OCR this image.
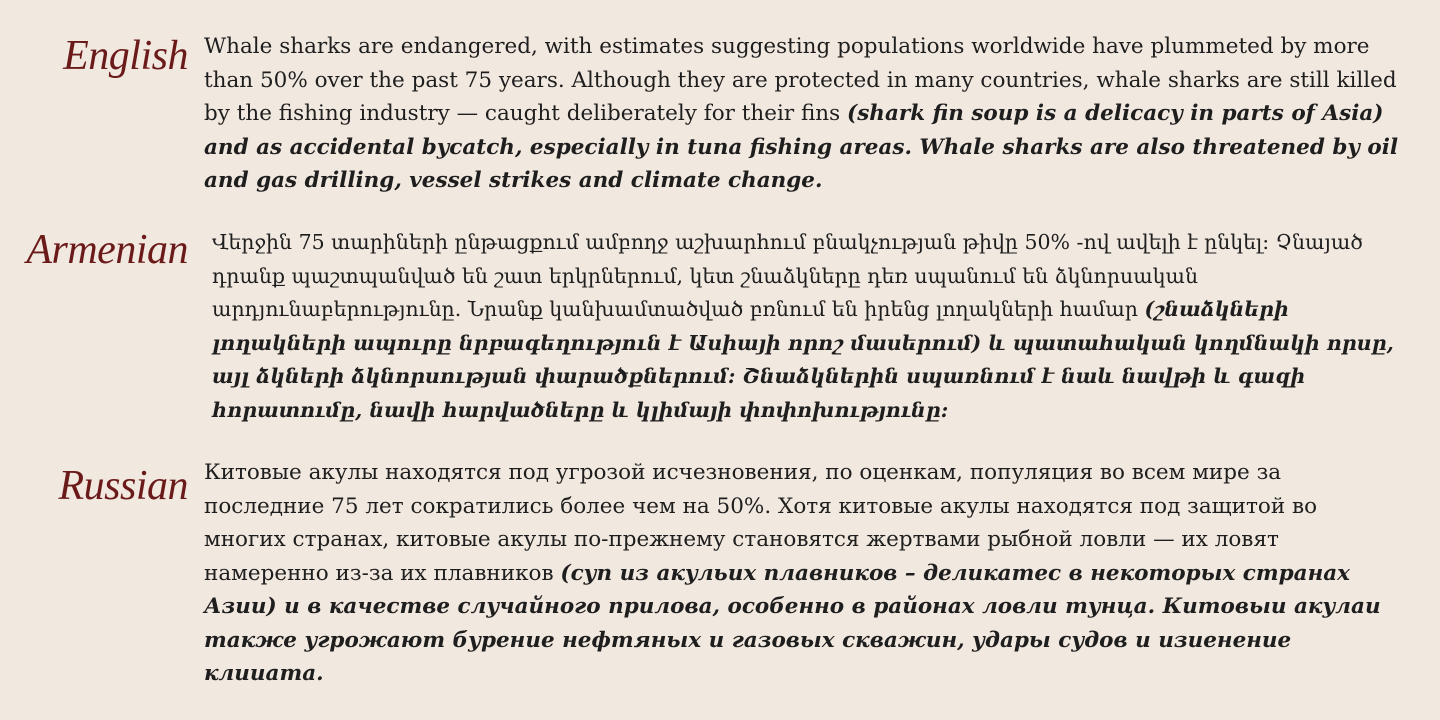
English Whale sharks are endangered, with estimates suggesting populations worldwide have plummeted by more than 50% over the past 75 years. Although they are protected in many countries, whale sharks are still killed by the fishing industry — caught deliberately for their fins (shark fin soup is a delicacy in parts of Asia) and as accidental bycatch, especially in tuna fishing areas. Whale sharks are also threatened by oil and gas drilling, vessel strikes and climate change.
Armenian Վերջին 75 տարիների ընթացքում ամբողջ աշխարհում բնակչության թիվը 50% -ով ավելի է ընկել: Չնայած դրանք պաշտպանված են շատ երկրներում, կետ շնաձկները դեռ սպանում են ձկնորսական արդյունաբերությունը. Նրանք կանխամտածված բռնում են իրենց լողակների համար (շնաձկների լողակների ապուրը նրբագեղություն է Ասիայի որոշ մասերում) և պատահական կողմնակի որսը, այլ ձկների ձկնորսության փարածքներում: Շնաձկներին սպառնում է նաև նավթի և գազի հորատումը, նավի հարվածները և կլիմայի փոփոխությունը:
Russian Китовые акулы находятся под угрозой исчезновения, по оценкам, популяция во всем мире за последние 75 лет сократились более чем на 50%. Хотя китовые акулы находятся под защитой во многих странах, китовые акулы по-прежнему становятся жертвами рыбной ловли — их ловят намеренно из-за их плавников (суп из акульих плавников – деликатес в некоторых странах Азии) и в качестве случайного прилова, особенно в районах ловли тунца. Китовыи акулаи также угрожают бурение нефтяных и газовых скважин, удары судов и изиенение клииата.
